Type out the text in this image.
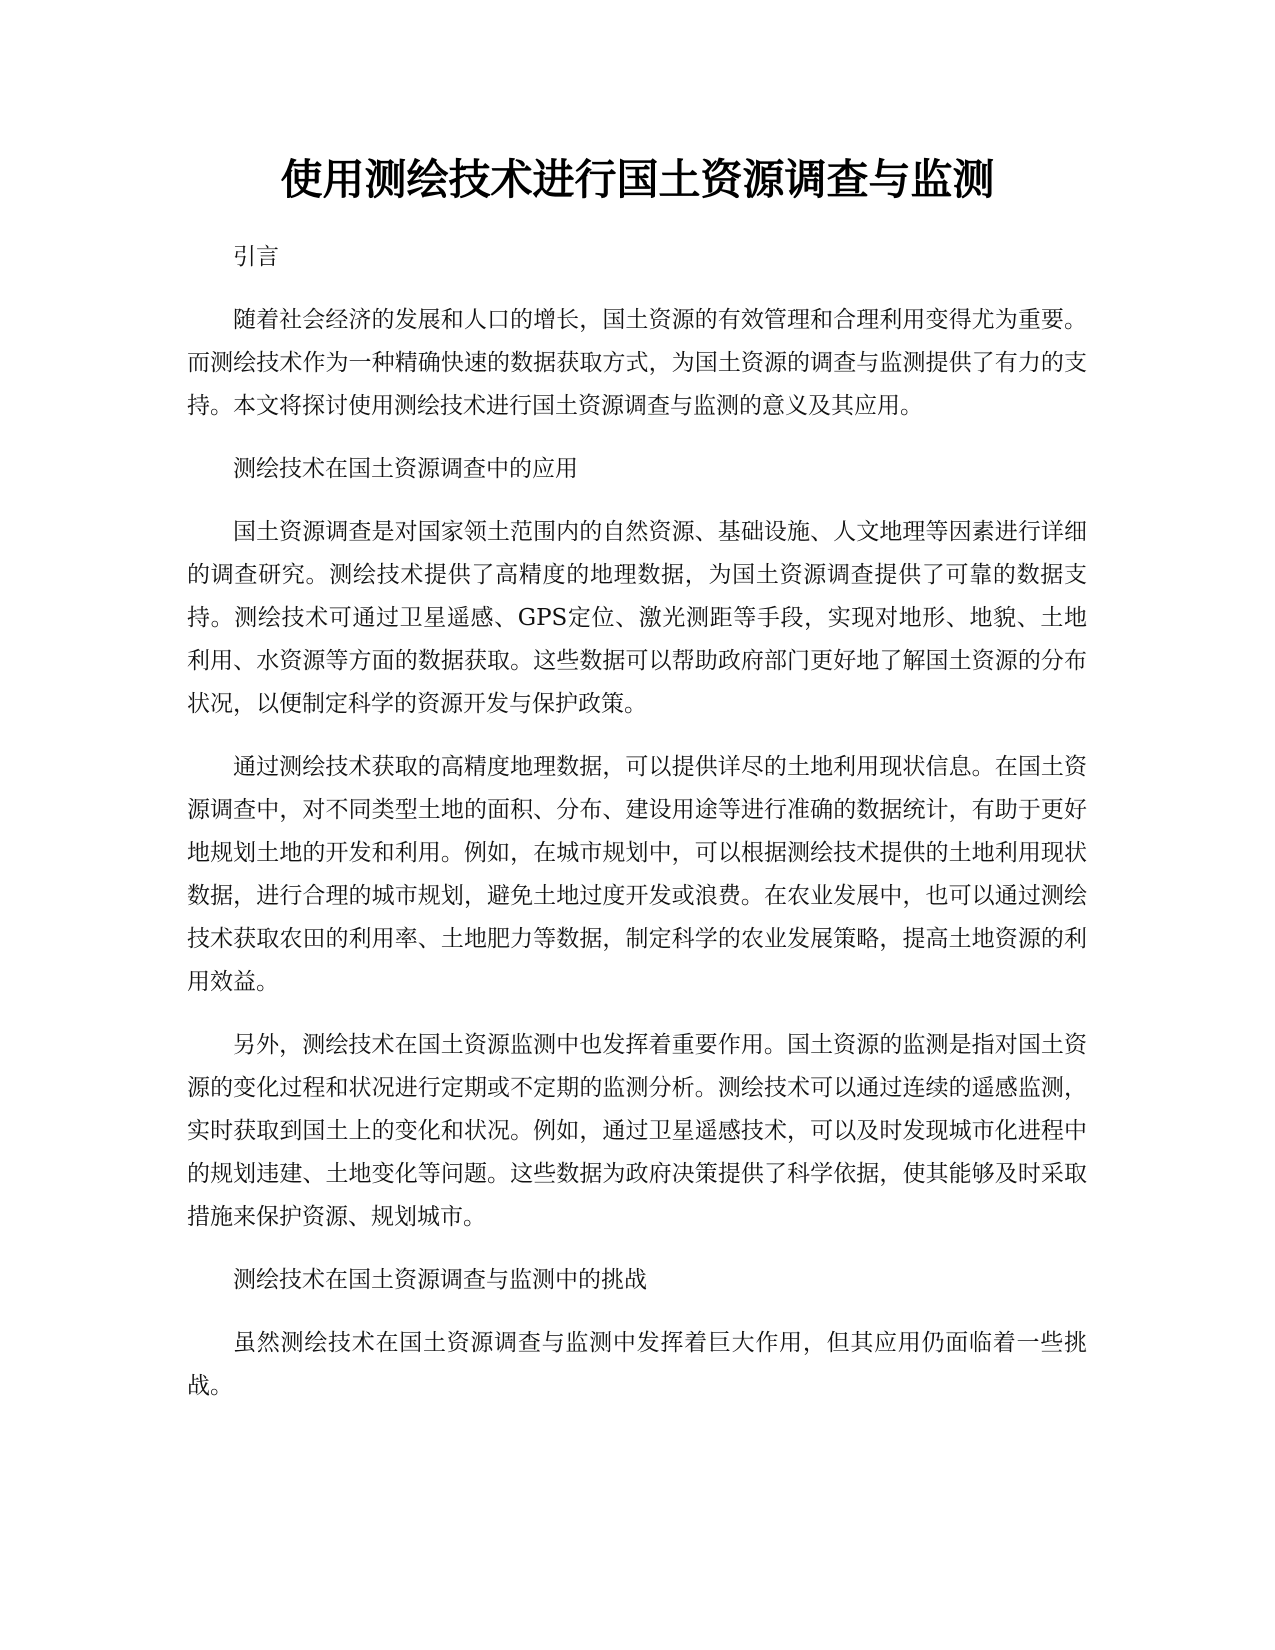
使用测绘技术进行国土资源调查与监测

引言

随着社会经济的发展和人口的增长，国土资源的有效管理和合理利用变得尤为重要。而测绘技术作为一种精确快速的数据获取方式，为国土资源的调查与监测提供了有力的支持。本文将探讨使用测绘技术进行国土资源调查与监测的意义及其应用。

测绘技术在国土资源调查中的应用

国土资源调查是对国家领土范围内的自然资源、基础设施、人文地理等因素进行详细的调查研究。测绘技术提供了高精度的地理数据，为国土资源调查提供了可靠的数据支持。测绘技术可通过卫星遥感、GPS定位、激光测距等手段，实现对地形、地貌、土地利用、水资源等方面的数据获取。这些数据可以帮助政府部门更好地了解国土资源的分布状况，以便制定科学的资源开发与保护政策。

通过测绘技术获取的高精度地理数据，可以提供详尽的土地利用现状信息。在国土资源调查中，对不同类型土地的面积、分布、建设用途等进行准确的数据统计，有助于更好地规划土地的开发和利用。例如，在城市规划中，可以根据测绘技术提供的土地利用现状数据，进行合理的城市规划，避免土地过度开发或浪费。在农业发展中，也可以通过测绘技术获取农田的利用率、土地肥力等数据，制定科学的农业发展策略，提高土地资源的利用效益。

另外，测绘技术在国土资源监测中也发挥着重要作用。国土资源的监测是指对国土资源的变化过程和状况进行定期或不定期的监测分析。测绘技术可以通过连续的遥感监测，实时获取到国土上的变化和状况。例如，通过卫星遥感技术，可以及时发现城市化进程中的规划违建、土地变化等问题。这些数据为政府决策提供了科学依据，使其能够及时采取措施来保护资源、规划城市。

测绘技术在国土资源调查与监测中的挑战

虽然测绘技术在国土资源调查与监测中发挥着巨大作用，但其应用仍面临着一些挑战。
